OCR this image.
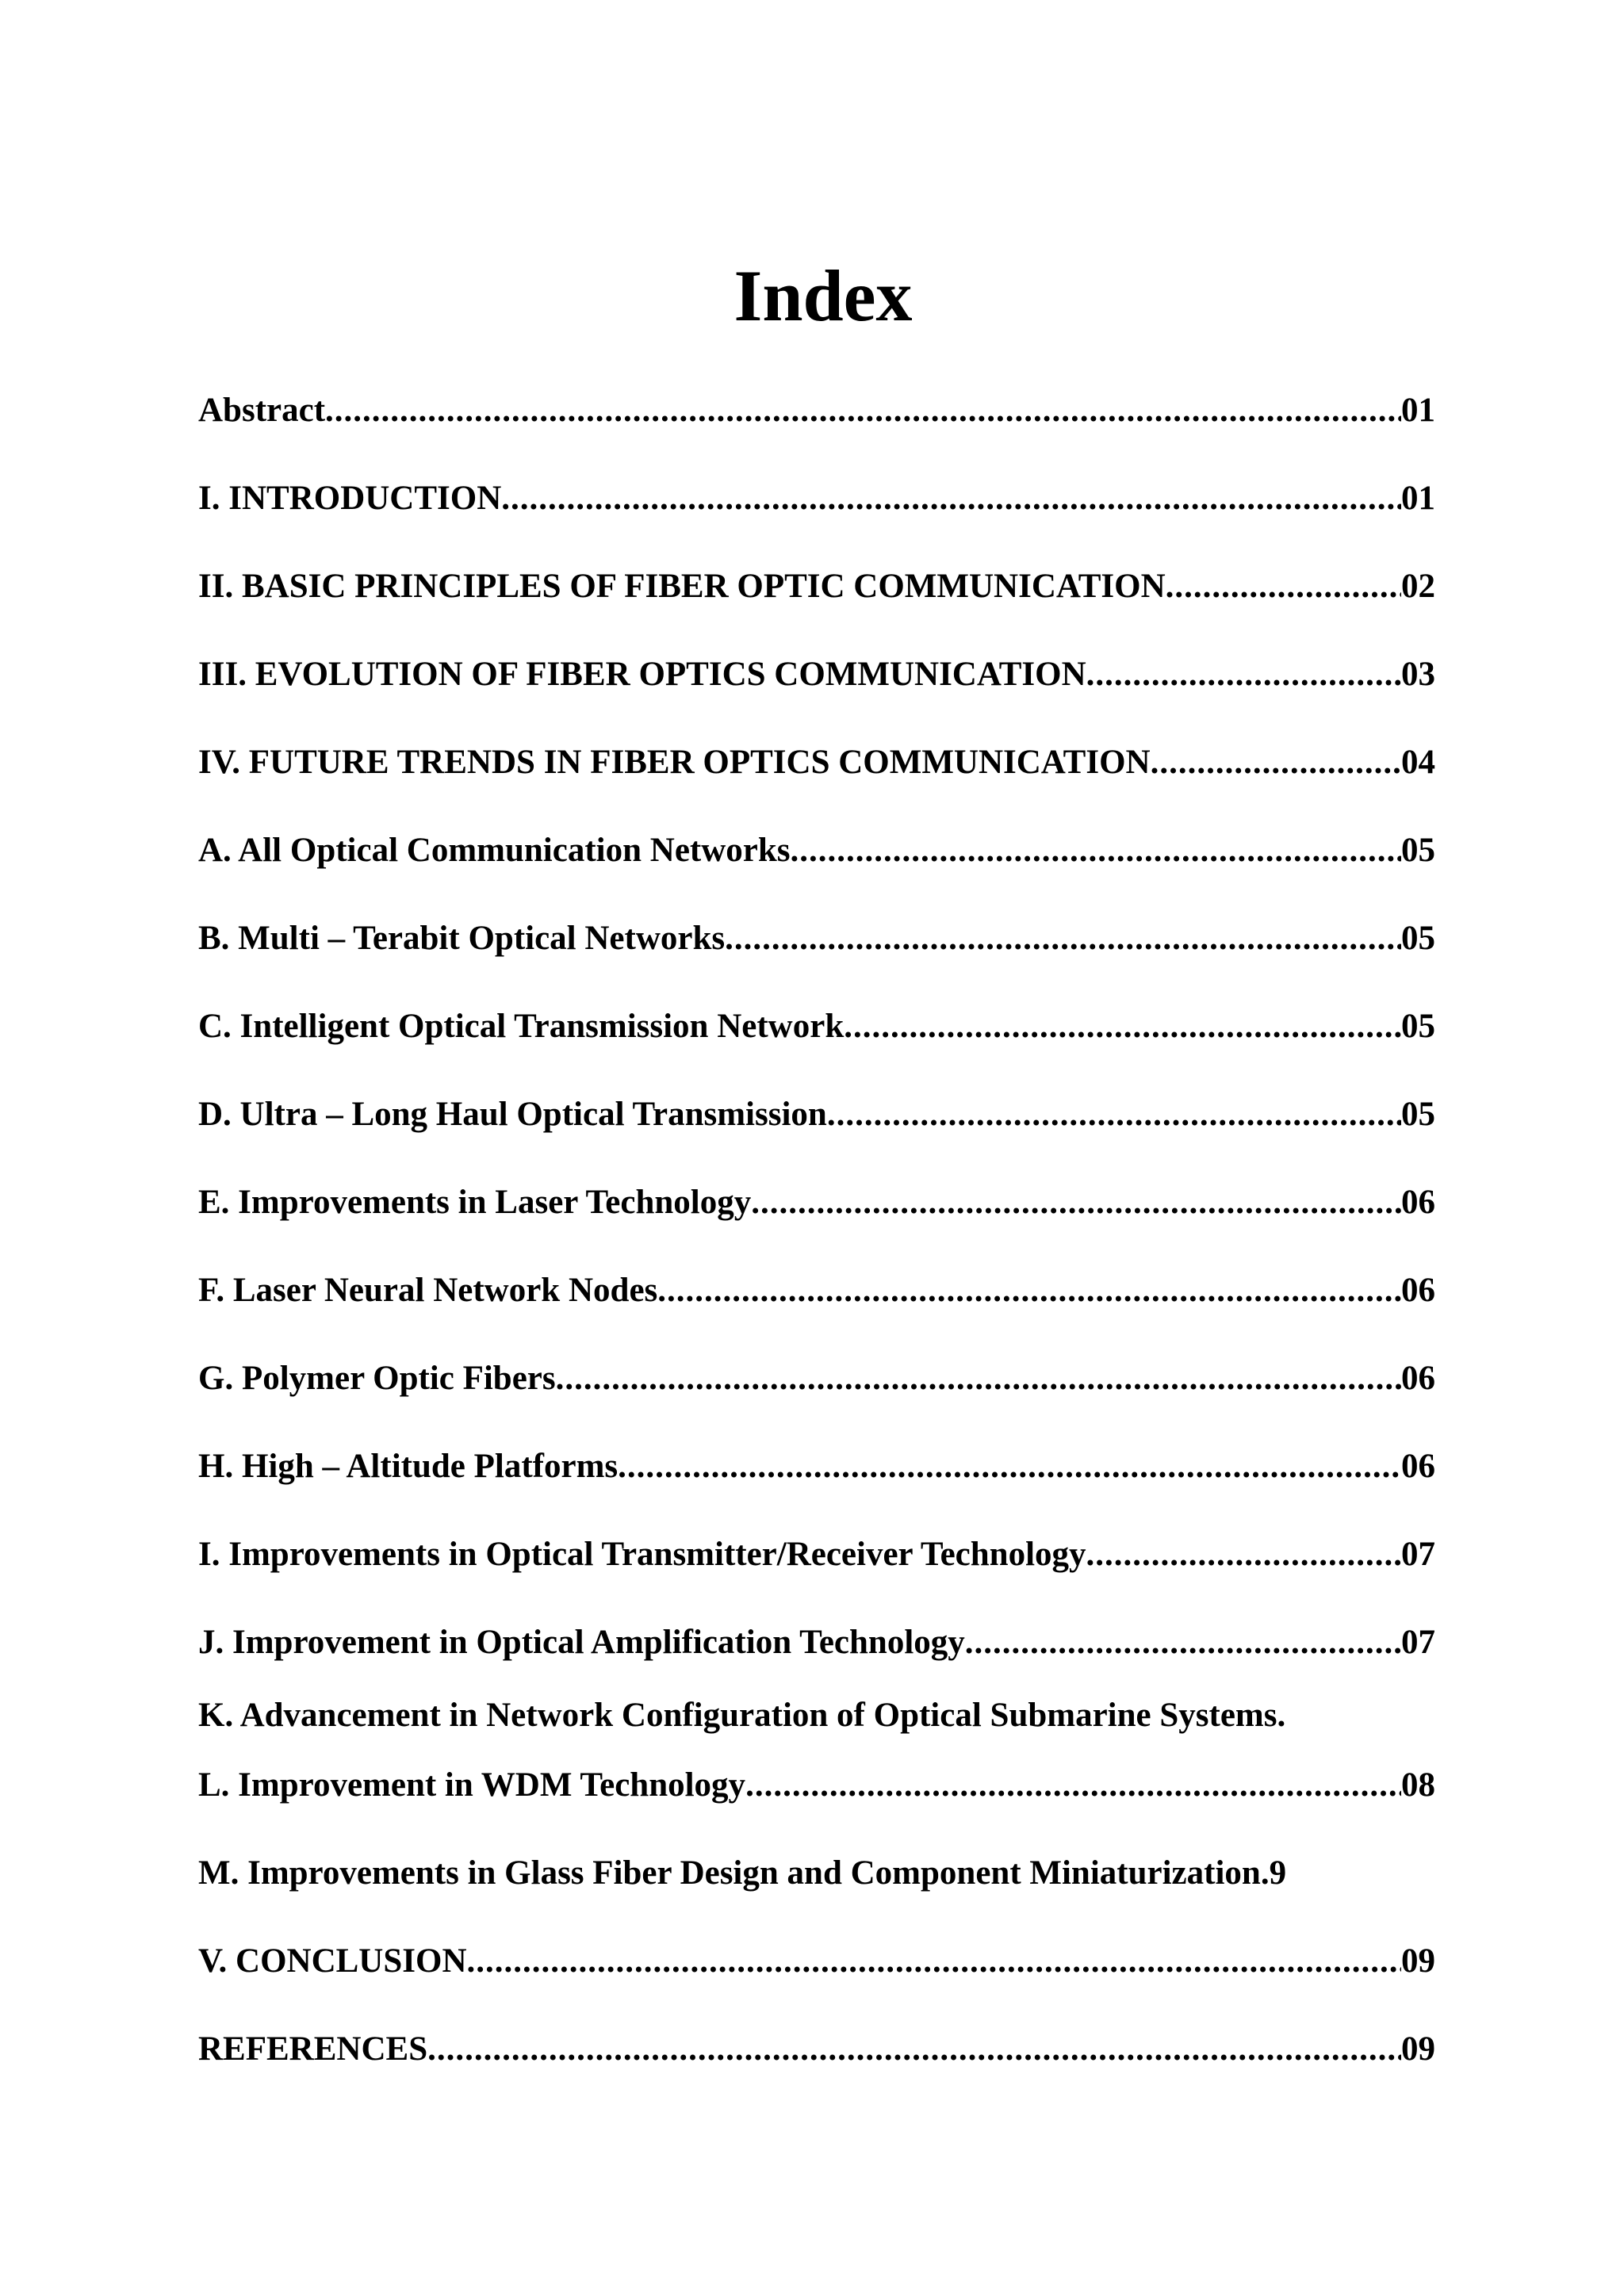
Index
Abstract .....	01
I. INTRODUCTION .....	01
II. BASIC PRINCIPLES OF FIBER OPTIC COMMUNICATION .....	02
III. EVOLUTION OF FIBER OPTICS COMMUNICATION .....	03
IV. FUTURE TRENDS IN FIBER OPTICS COMMUNICATION .....	04
A. All Optical Communication Networks .....	05
B. Multi – Terabit Optical Networks .....	05
C. Intelligent Optical Transmission Network .....	05
D. Ultra – Long Haul Optical Transmission .....	05
E. Improvements in Laser Technology .....	06
F. Laser Neural Network Nodes .....	06
G. Polymer Optic Fibers .....	06
H. High – Altitude Platforms .....	06
I. Improvements in Optical Transmitter/Receiver Technology .....	07
J. Improvement in Optical Amplification Technology .....	07
K. Advancement in Network Configuration of Optical Submarine Systems.
L. Improvement in WDM Technology .....	08
M. Improvements in Glass Fiber Design and Component Miniaturization.9
V. CONCLUSION .....	09
REFERENCES .....	09
